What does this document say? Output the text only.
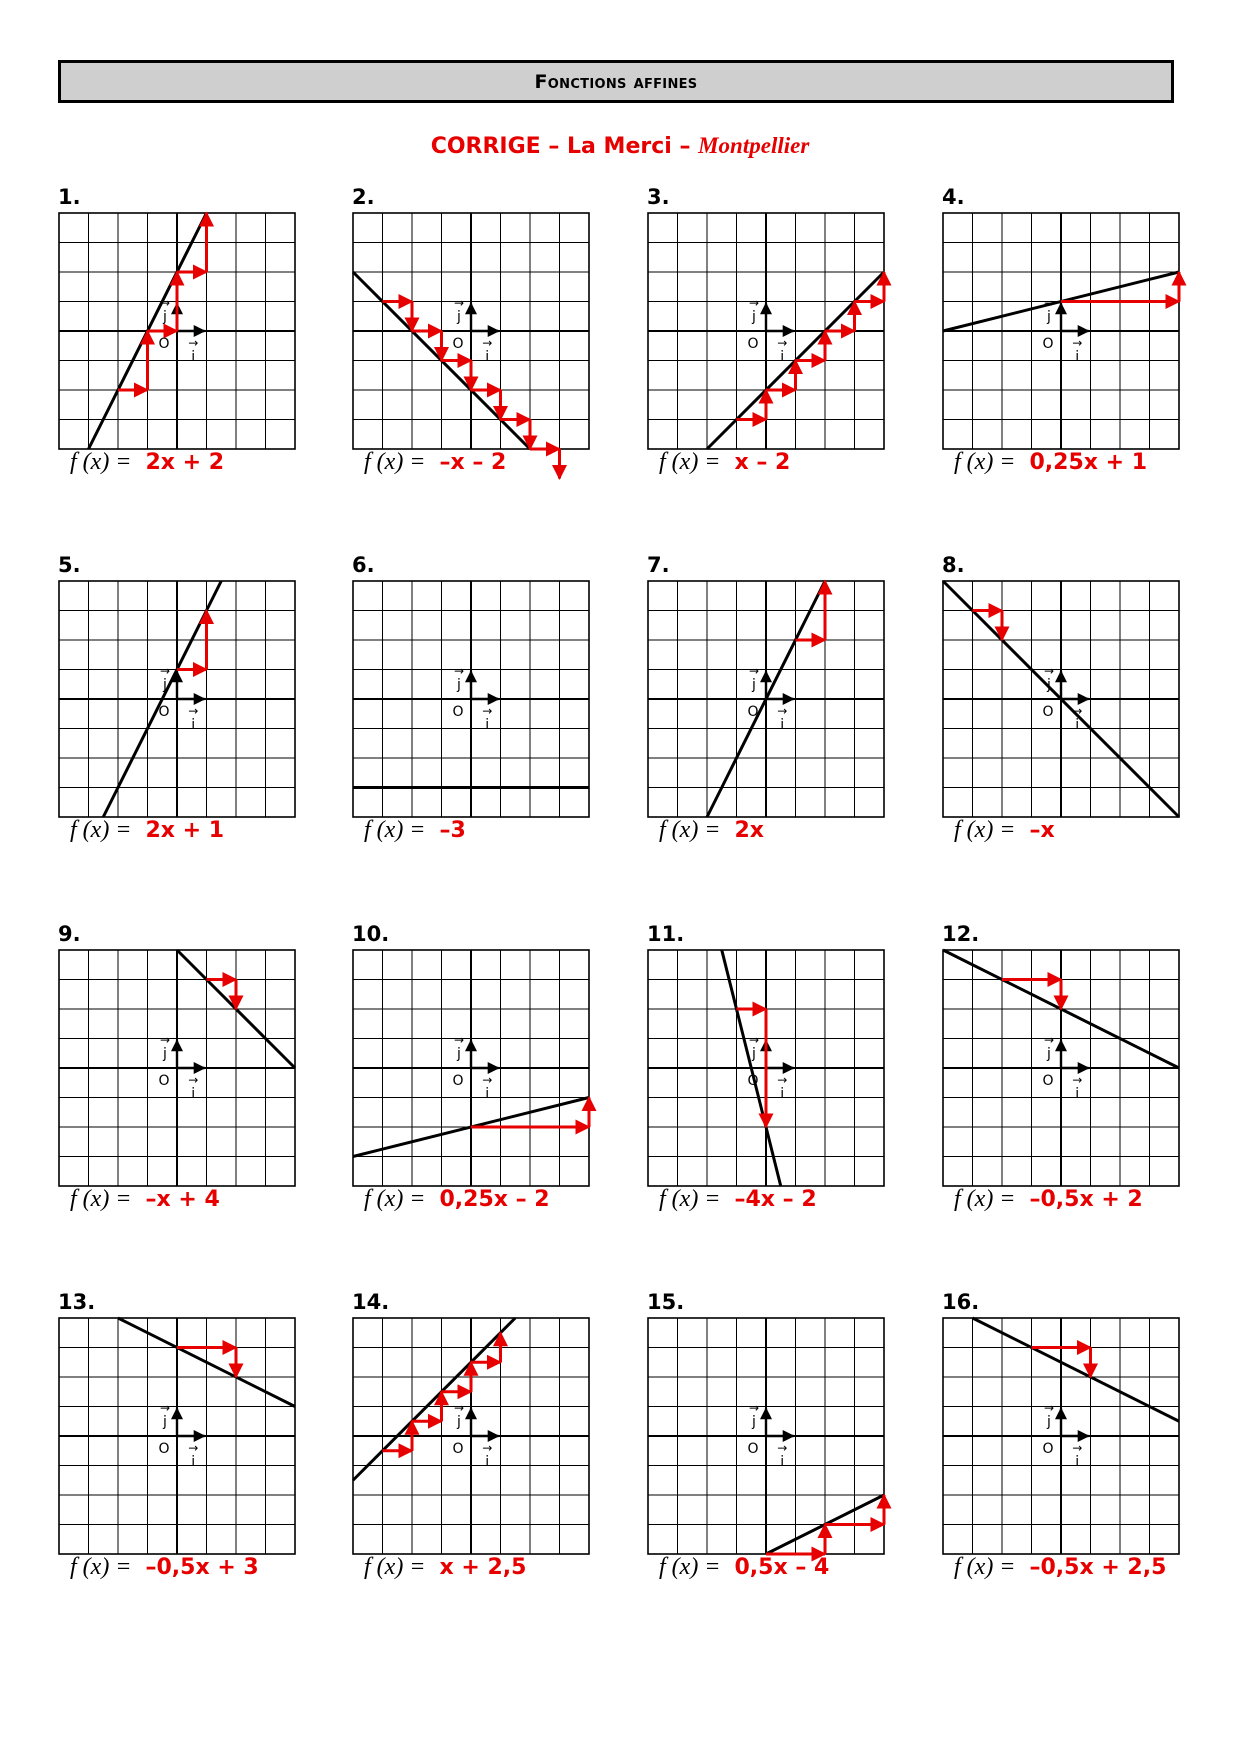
Fonctions affines
CORRIGE – La Merci – Montpellier
1.
O
i
→
j
→
f (x) = 2x + 2
2.
O
i
→
j
→
f (x) = –x – 2
3.
O
i
→
j
→
f (x) = x – 2
4.
O
i
→
j
→
f (x) = 0,25x + 1
5.
O
i
→
j
→
f (x) = 2x + 1
6.
O
i
→
j
→
f (x) = –3
7.
O
i
→
j
→
f (x) = 2x
8.
O
i
→
j
→
f (x) = –x
9.
O
i
→
j
→
f (x) = –x + 4
10.
O
i
→
j
→
f (x) = 0,25x – 2
11.
O
i
→
j
→
f (x) = –4x – 2
12.
O
i
→
j
→
f (x) = –0,5x + 2
13.
O
i
→
j
→
f (x) = –0,5x + 3
14.
O
i
→
j
→
f (x) = x + 2,5
15.
O
i
→
j
→
f (x) = 0,5x – 4
16.
O
i
→
j
→
f (x) = –0,5x + 2,5
